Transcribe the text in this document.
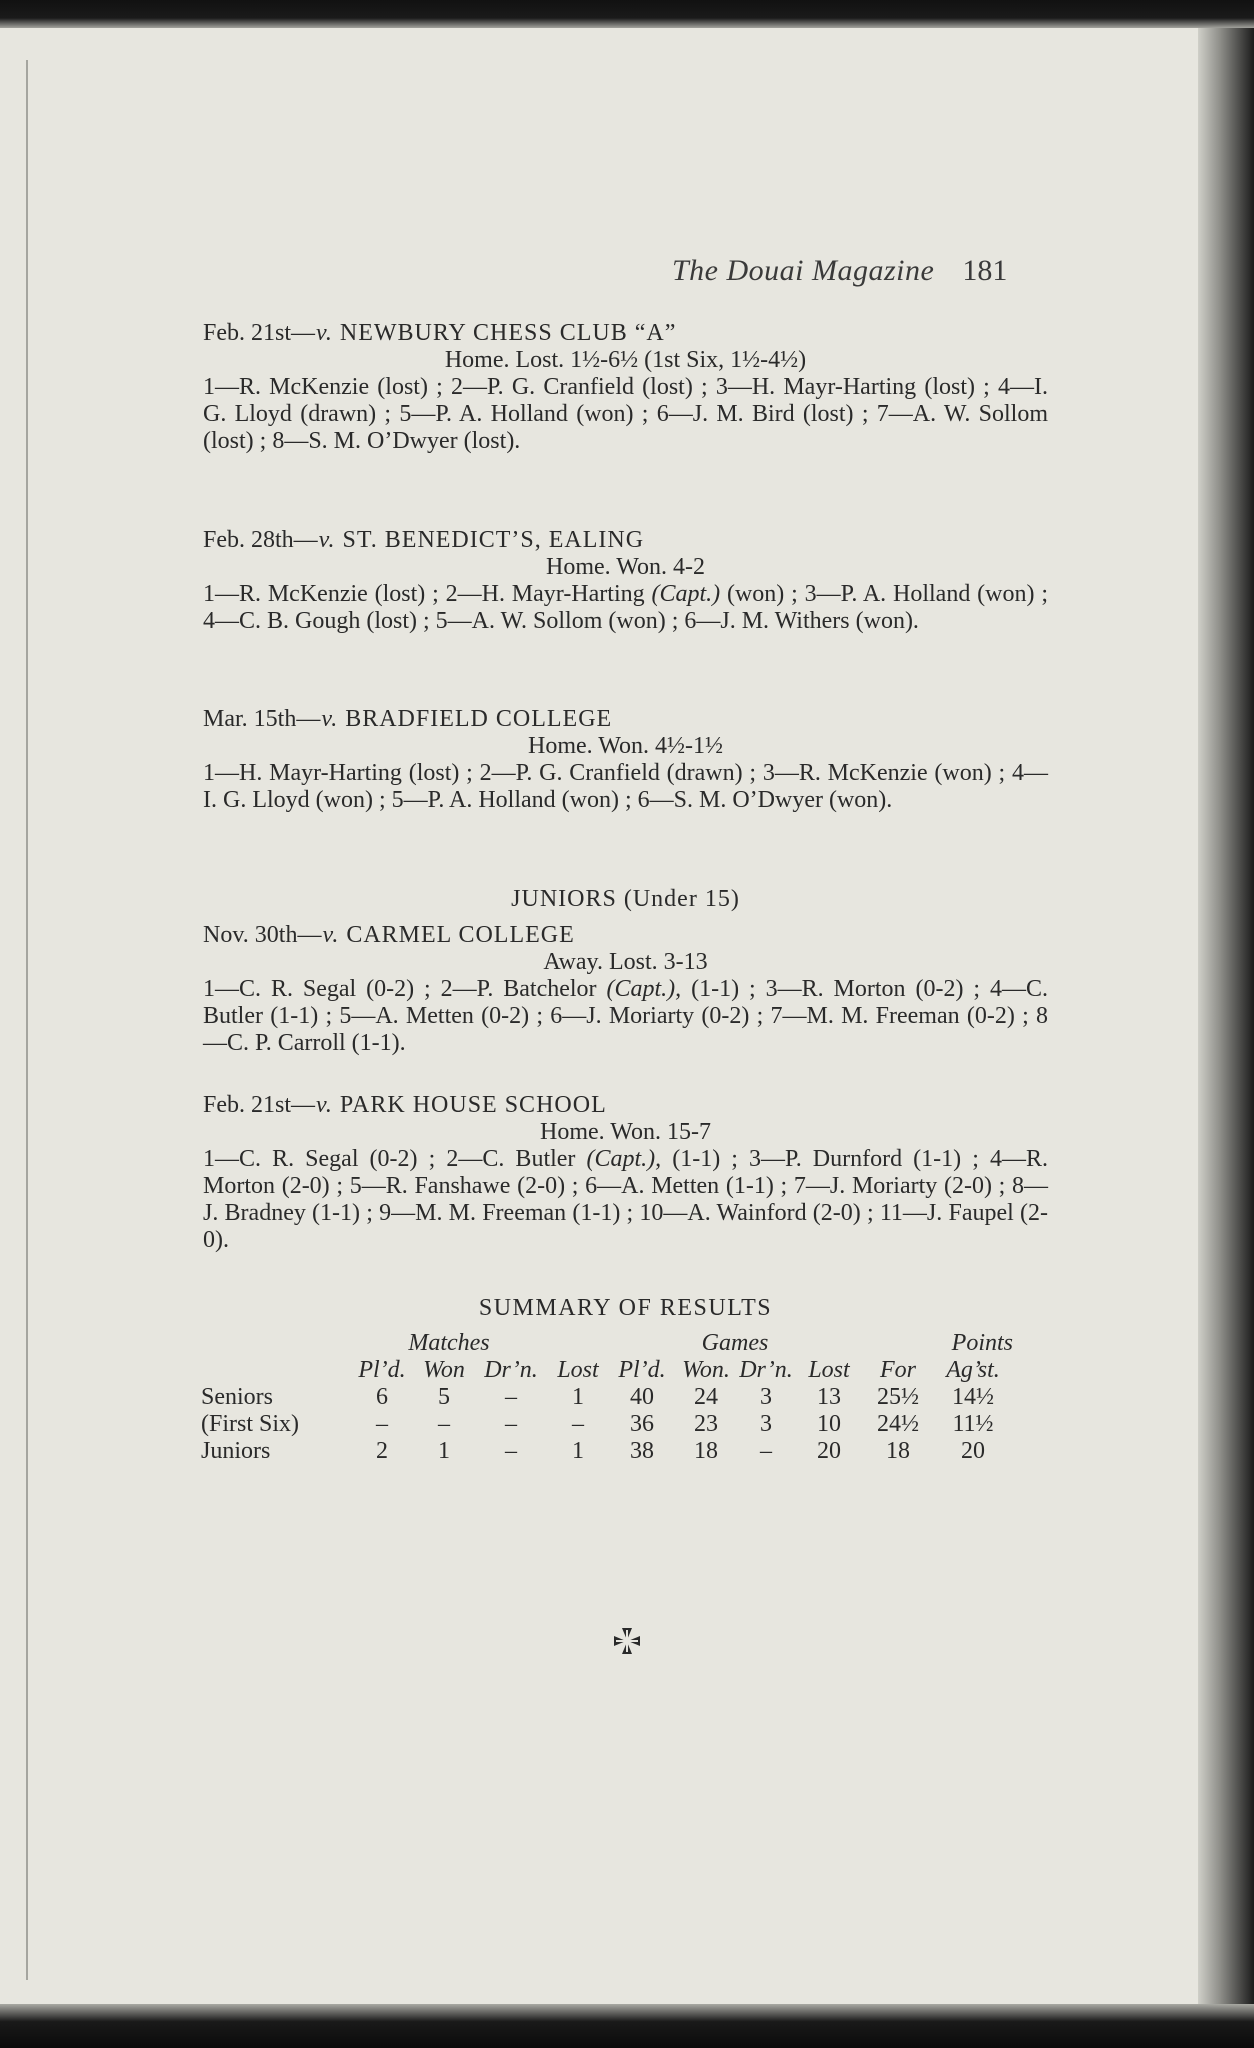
The Douai Magazine 181
Feb. 21st—v. NEWBURY CHESS CLUB “A”
Home. Lost. 1½-6½ (1st Six, 1½-4½)
1—R. McKenzie (lost) ; 2—P. G. Cranfield (lost) ; 3—H. Mayr-Harting (lost) ; 4—I. G. Lloyd (drawn) ; 5—P. A. Holland (won) ; 6—J. M. Bird (lost) ; 7—A. W. Sollom (lost) ; 8—S. M. O’Dwyer (lost).
Feb. 28th—v. ST. BENEDICT’S, EALING
Home. Won. 4-2
1—R. McKenzie (lost) ; 2—H. Mayr-Harting (Capt.) (won) ; 3—P. A. Holland (won) ; 4—C. B. Gough (lost) ; 5—A. W. Sollom (won) ; 6—J. M. Withers (won).
Mar. 15th—v. BRADFIELD COLLEGE
Home. Won. 4½-1½
1—H. Mayr-Harting (lost) ; 2—P. G. Cranfield (drawn) ; 3—R. McKenzie (won) ; 4—I. G. Lloyd (won) ; 5—P. A. Holland (won) ; 6—S. M. O’Dwyer (won).
JUNIORS (Under 15)
Nov. 30th—v. CARMEL COLLEGE
Away. Lost. 3-13
1—C. R. Segal (0-2) ; 2—P. Batchelor (Capt.), (1-1) ; 3—R. Morton (0-2) ; 4—C. Butler (1-1) ; 5—A. Metten (0-2) ; 6—J. Moriarty (0-2) ; 7—M. M. Freeman (0-2) ; 8—C. P. Carroll (1-1).
Feb. 21st—v. PARK HOUSE SCHOOL
Home. Won. 15-7
1—C. R. Segal (0-2) ; 2—C. Butler (Capt.), (1-1) ; 3—P. Durnford (1-1) ; 4—R. Morton (2-0) ; 5—R. Fanshawe (2-0) ; 6—A. Metten (1-1) ; 7—J. Moriarty (2-0) ; 8—J. Bradney (1-1) ; 9—M. M. Freeman (1-1) ; 10—A. Wainford (2-0) ; 11—J. Faupel (2-0).
SUMMARY OF RESULTS
	Matches					Games				Points
	Pl’d.	Won	Dr’n.	Lost	Pl’d.	Won.	Dr’n.	Lost	For	Ag’st.
Seniors	6	5	–	1	40	24	3	13	25½	14½
(First Six)	–	–	–	–	36	23	3	10	24½	11½
Juniors	2	1	–	1	38	18	–	20	18	20
